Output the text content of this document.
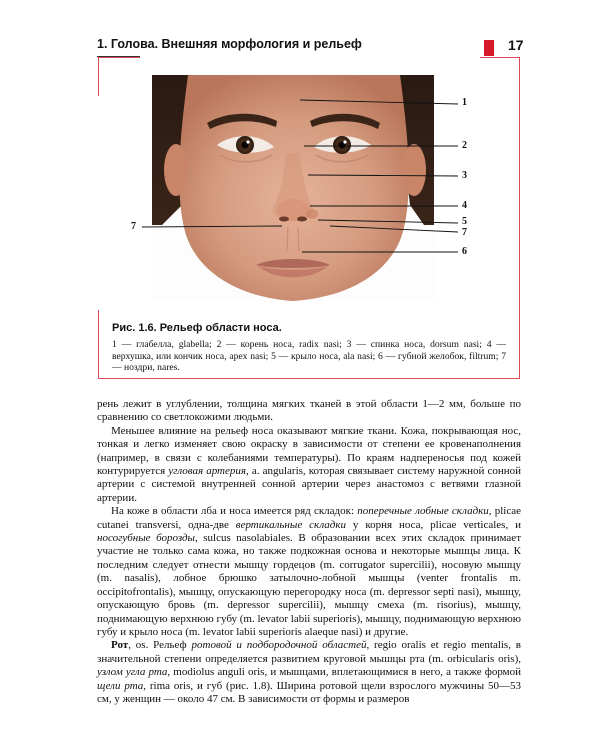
1. Голова. Внешняя морфология и рельеф	17
1
2
3
4
5
7
6
7
Рис. 1.6. Рельеф области носа.
1 — глабелла, glabella; 2 — корень носа, radix nasi; 3 — спинка носа, dorsum nasi; 4 — верхушка, или кончик носа, apex nasi; 5 — крыло носа, ala nasi; 6 — губной желобок, filtrum; 7 — ноздри, nares.

рень лежит в углублении, толщина мягких тканей в этой области 1—2 мм, больше по сравнению со светлокожими людьми.

Меньшее влияние на рельеф носа оказывают мягкие ткани. Кожа, покрывающая нос, тонкая и легко изменяет свою окраску в зависимости от степени ее кровенаполнения (например, в связи с колебаниями температуры). По краям надпереносья под кожей контурируется угловая артерия, a. angularis, которая связывает систему наружной сонной артерии с системой внутренней сонной артерии через анастомоз с ветвями глазной артерии.

На коже в области лба и носа имеется ряд складок: поперечные лобные складки, plicae cutanei transversi, одна-две вертикальные складки у корня носа, plicae verticales, и носогубные борозды, sulcus nasolabiales. В образовании всех этих складок принимает участие не только сама кожа, но также подкожная основа и некоторые мышцы лица. К последним следует отнести мышцу гордецов (m. corrugator supercilii), носовую мышцу (m. nasalis), лобное брюшко затылочно-лобной мышцы (venter frontalis m. occipitofrontalis), мышцу, опускающую перегородку носа (m. depressor septi nasi), мышцу, опускающую бровь (m. depressor supercilii), мышцу смеха (m. risorius), мышцу, поднимающую верхнюю губу (m. levator labii superioris), мышцу, поднимающую верхнюю губу и крыло носа (m. levator labii superioris alaeque nasi) и другие.

Рот, os. Рельеф ротовой и подбородочной областей, regio oralis et regio mentalis, в значительной степени определяется развитием круговой мышцы рта (m. orbicularis oris), узлом угла рта, modiolus anguli oris, и мышцами, вплетающимися в него, а также формой щели рта, rima oris, и губ (рис. 1.8). Ширина ротовой щели взрослого мужчины 50—53 см, у женщин — около 47 см. В зависимости от формы и размеров
